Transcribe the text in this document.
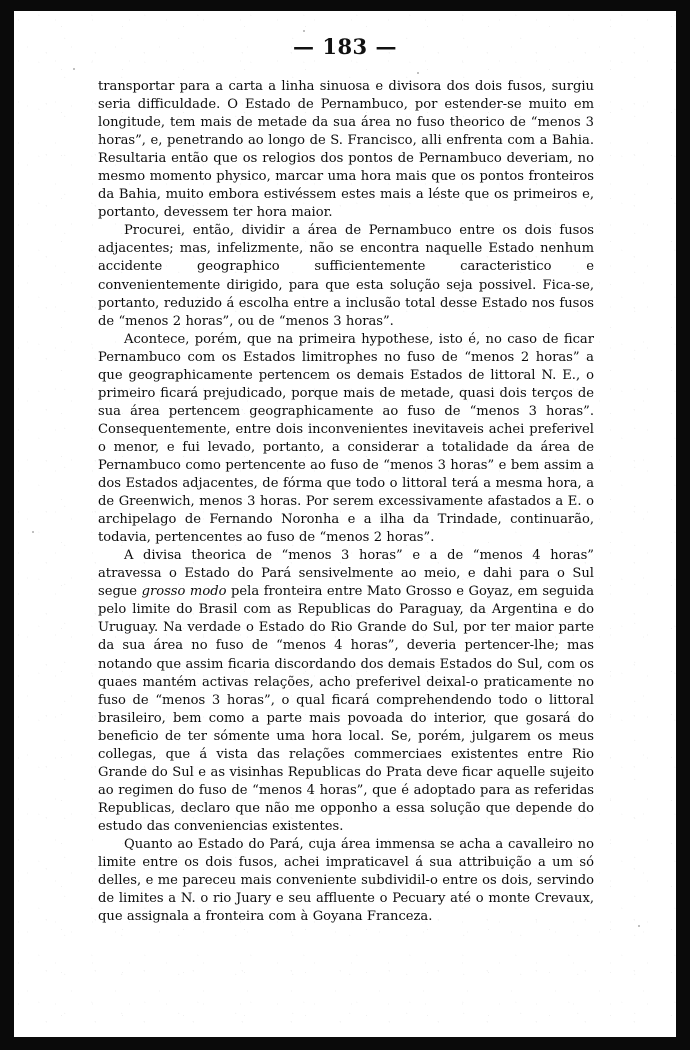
— 183 —

transportar para a carta a linha sinuosa e divisora dos dois fusos, surgiu seria difficuldade. O Estado de Pernambuco, por estender-se muito em longitude, tem mais de metade da sua área no fuso theorico de “menos 3 horas”, e, penetrando ao longo de S. Francisco, alli enfrenta com a Bahia. Resultaria então que os relogios dos pontos de Pernambuco deveriam, no mesmo momento physico, marcar uma hora mais que os pontos fronteiros da Bahia, muito embora estivéssem estes mais a léste que os primeiros e, portanto, devessem ter hora maior.

Procurei, então, dividir a área de Pernambuco entre os dois fusos adjacentes; mas, infelizmente, não se encontra naquelle Estado nenhum accidente geographico sufficientemente caracteristico e convenientemente dirigido, para que esta solução seja possivel. Fica-se, portanto, reduzido á escolha entre a inclusão total desse Estado nos fusos de “menos 2 horas”, ou de “menos 3 horas”.

Acontece, porém, que na primeira hypothese, isto é, no caso de ficar Pernambuco com os Estados limitrophes no fuso de “menos 2 horas” a que geographicamente pertencem os demais Estados de littoral N. E., o primeiro ficará prejudicado, porque mais de metade, quasi dois terços de sua área pertencem geographicamente ao fuso de “menos 3 horas”. Consequentemente, entre dois inconvenientes inevitaveis achei preferivel o menor, e fui levado, portanto, a considerar a totalidade da área de Pernambuco como pertencente ao fuso de “menos 3 horas” e bem assim a dos Estados adjacentes, de fórma que todo o littoral terá a mesma hora, a de Greenwich, menos 3 horas. Por serem excessivamente afastados a E. o archipelago de Fernando Noronha e a ilha da Trindade, continuarão, todavia, pertencentes ao fuso de “menos 2 horas”.

A divisa theorica de “menos 3 horas” e a de “menos 4 horas” atravessa o Estado do Pará sensivelmente ao meio, e dahi para o Sul segue grosso modo pela fronteira entre Mato Grosso e Goyaz, em seguida pelo limite do Brasil com as Republicas do Paraguay, da Argentina e do Uruguay. Na verdade o Estado do Rio Grande do Sul, por ter maior parte da sua área no fuso de “menos 4 horas”, deveria pertencer-lhe; mas notando que assim ficaria discordando dos demais Estados do Sul, com os quaes mantém activas relações, acho preferivel deixal-o praticamente no fuso de “menos 3 horas”, o qual ficará comprehendendo todo o littoral brasileiro, bem como a parte mais povoada do interior, que gosará do beneficio de ter sómente uma hora local. Se, porém, julgarem os meus collegas, que á vista das relações commerciaes existentes entre Rio Grande do Sul e as visinhas Republicas do Prata deve ficar aquelle sujeito ao regimen do fuso de “menos 4 horas”, que é adoptado para as referidas Republicas, declaro que não me opponho a essa solução que depende do estudo das conveniencias existentes.

Quanto ao Estado do Pará, cuja área immensa se acha a cavalleiro no limite entre os dois fusos, achei impraticavel á sua attribuição a um só delles, e me pareceu mais conveniente subdividil-o entre os dois, servindo de limites a N. o rio Juary e seu affluente o Pecuary até o monte Crevaux, que assignala a fronteira com à Goyana Franceza.
